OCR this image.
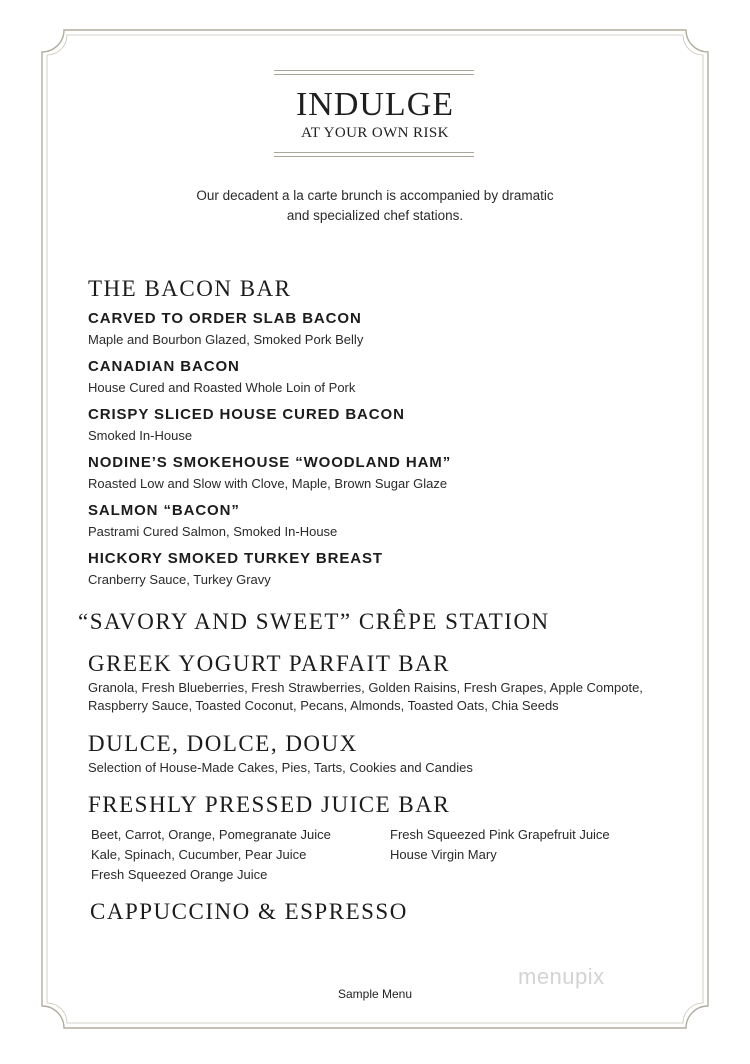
INDULGE
AT YOUR OWN RISK
Our decadent a la carte brunch is accompanied by dramatic
and specialized chef stations.
THE BACON BAR
CARVED TO ORDER SLAB BACON
Maple and Bourbon Glazed, Smoked Pork Belly
CANADIAN BACON
House Cured and Roasted Whole Loin of Pork
CRISPY SLICED HOUSE CURED BACON
Smoked In-House
NODINE’S SMOKEHOUSE “WOODLAND HAM”
Roasted Low and Slow with Clove, Maple, Brown Sugar Glaze
SALMON “BACON”
Pastrami Cured Salmon, Smoked In-House
HICKORY SMOKED TURKEY BREAST
Cranberry Sauce, Turkey Gravy
“SAVORY AND SWEET” CRÊPE STATION
GREEK YOGURT PARFAIT BAR
Granola, Fresh Blueberries, Fresh Strawberries, Golden Raisins, Fresh Grapes, Apple Compote,
Raspberry Sauce, Toasted Coconut, Pecans, Almonds, Toasted Oats, Chia Seeds
DULCE, DOLCE, DOUX
Selection of House-Made Cakes, Pies, Tarts, Cookies and Candies
FRESHLY PRESSED JUICE BAR
Beet, Carrot, Orange, Pomegranate Juice
Kale, Spinach, Cucumber, Pear Juice
Fresh Squeezed Orange Juice
Fresh Squeezed Pink Grapefruit Juice
House Virgin Mary
CAPPUCCINO & ESPRESSO
menupix
Sample Menu
